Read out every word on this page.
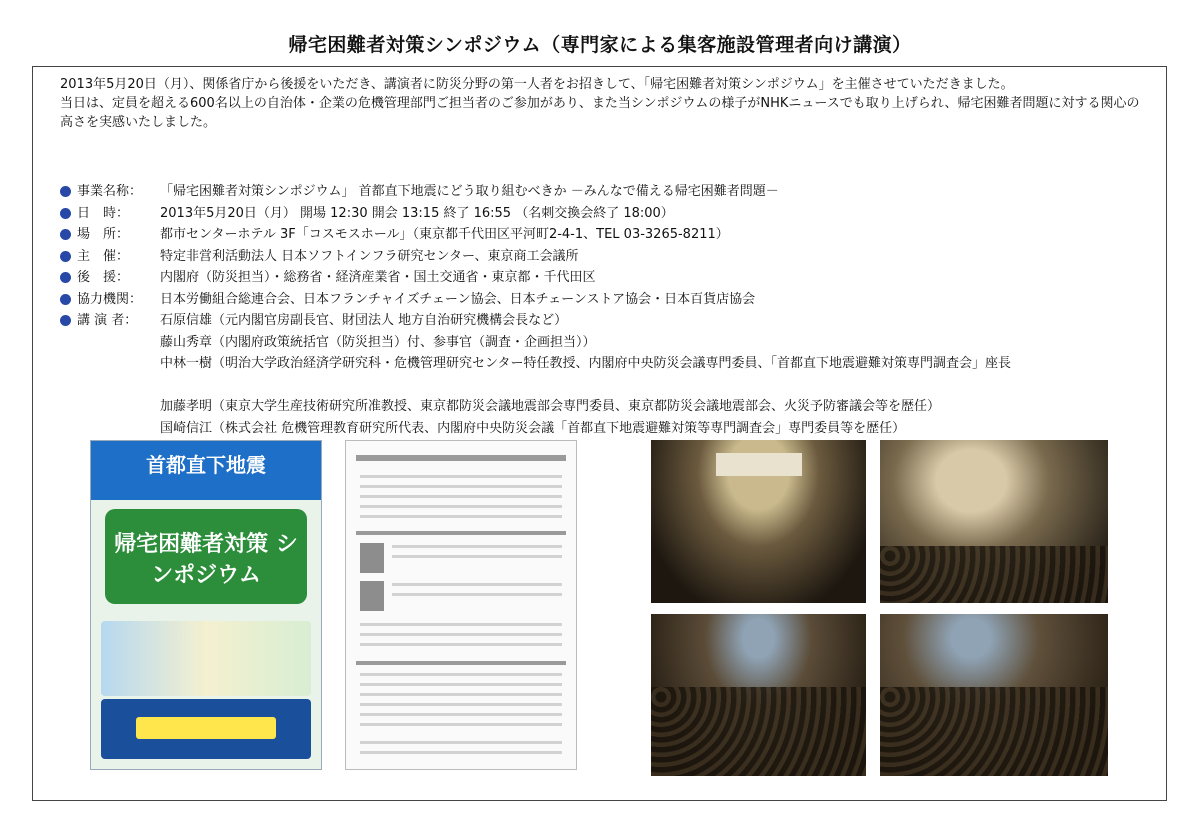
帰宅困難者対策シンポジウム（専門家による集客施設管理者向け講演）

2013年5月20日（月）、関係省庁から後援をいただき、講演者に防災分野の第一人者をお招きして、「帰宅困難者対策シンポジウム」を主催させていただきました。

当日は、定員を超える600名以上の自治体・企業の危機管理部門ご担当者のご参加があり、また当シンポジウムの様子がNHKニュースでも取り上げられ、帰宅困難者問題に対する関心の高さを実感いたしました。

事業名称：	「帰宅困難者対策シンポジウム」 首都直下地震にどう取り組むべきか －みんなで備える帰宅困難者問題－
日　時：	2013年5月20日（月） 開場 12:30 開会 13:15 終了 16:55 （名刺交換会終了 18:00）
場　所：	都市センターホテル 3F「コスモスホール」（東京都千代田区平河町2-4-1、TEL 03-3265-8211）
主　催：	特定非営利活動法人 日本ソフトインフラ研究センター、東京商工会議所
後　援：	内閣府（防災担当）・総務省・経済産業省・国土交通省・東京都・千代田区
協力機関：	日本労働組合総連合会、日本フランチャイズチェーン協会、日本チェーンストア協会・日本百貨店協会
講 演 者：	石原信雄（元内閣官房副長官、財団法人 地方自治研究機構会長など）
藤山秀章（内閣府政策統括官（防災担当）付、参事官（調査・企画担当））
中林一樹（明治大学政治経済学研究科・危機管理研究センター特任教授、内閣府中央防災会議専門委員、「首都直下地震避難対策専門調査会」座長
加藤孝明（東京大学生産技術研究所准教授、東京都防災会議地震部会専門委員、東京都防災会議地震部会、火災予防審議会等を歴任）
国崎信江（株式会社 危機管理教育研究所代表、内閣府中央防災会議「首都直下地震避難対策等専門調査会」専門委員等を歴任）
首都直下地震
帰宅困難者対策 シンポジウム
